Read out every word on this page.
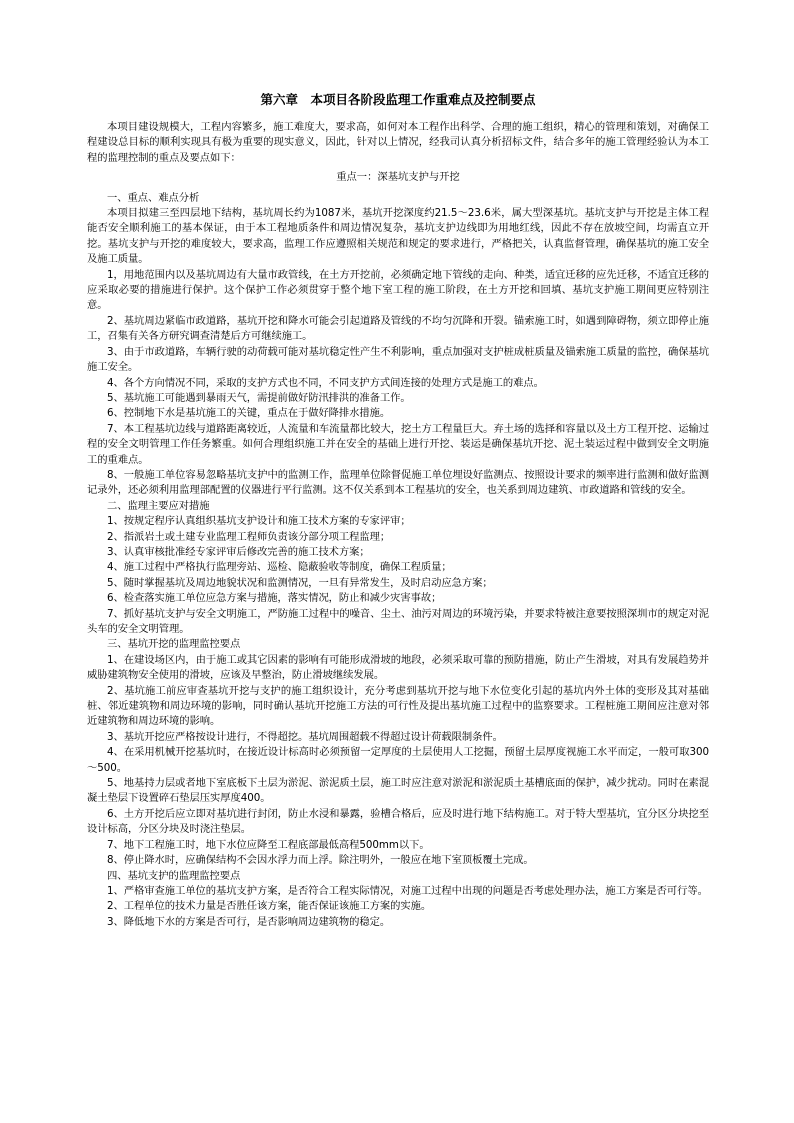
第六章　本项目各阶段监理工作重难点及控制要点

本项目建设规模大，工程内容繁多，施工难度大，要求高，如何对本工程作出科学、合理的施工组织，精心的管理和策划，对确保工程建设总目标的顺利实现具有极为重要的现实意义，因此，针对以上情况，经我司认真分析招标文件，结合多年的施工管理经验认为本工程的监理控制的重点及要点如下：

重点一：深基坑支护与开挖

一、重点、难点分析

本项目拟建三至四层地下结构，基坑周长约为1087米，基坑开挖深度约21.5～23.6米，属大型深基坑。基坑支护与开挖是主体工程能否安全顺利施工的基本保证，由于本工程地质条件和周边情况复杂，基坑支护边线即为用地红线，因此不存在放坡空间，均需直立开挖。基坑支护与开挖的难度较大，要求高，监理工作应遵照相关规范和规定的要求进行，严格把关，认真监督管理，确保基坑的施工安全及施工质量。

1，用地范围内以及基坑周边有大量市政管线，在土方开挖前，必须确定地下管线的走向、种类，适宜迁移的应先迁移，不适宜迁移的应采取必要的措施进行保护。这个保护工作必须贯穿于整个地下室工程的施工阶段，在土方开挖和回填、基坑支护施工期间更应特别注意。

2、基坑周边紧临市政道路，基坑开挖和降水可能会引起道路及管线的不均匀沉降和开裂。锚索施工时，如遇到障碍物，须立即停止施工，召集有关各方研究调查清楚后方可继续施工。

3、由于市政道路，车辆行驶的动荷载可能对基坑稳定性产生不利影响，重点加强对支护桩成桩质量及锚索施工质量的监控，确保基坑施工安全。

4、各个方向情况不同，采取的支护方式也不同，不同支护方式间连接的处理方式是施工的难点。

5、基坑施工可能遇到暴雨天气，需提前做好防汛排洪的准备工作。

6、控制地下水是基坑施工的关键，重点在于做好降排水措施。

7、本工程基坑边线与道路距离较近，人流量和车流量都比较大，挖土方工程量巨大。弃土场的选择和容量以及土方工程开挖、运输过程的安全文明管理工作任务繁重。如何合理组织施工并在安全的基础上进行开挖、装运是确保基坑开挖、泥土装运过程中做到安全文明施工的重难点。

8、一般施工单位容易忽略基坑支护中的监测工作，监理单位除督促施工单位埋设好监测点、按照设计要求的频率进行监测和做好监测记录外，还必须利用监理部配置的仪器进行平行监测。这不仅关系到本工程基坑的安全，也关系到周边建筑、市政道路和管线的安全。

二、监理主要应对措施

1、按规定程序认真组织基坑支护设计和施工技术方案的专家评审；

2、指派岩土或土建专业监理工程师负责该分部分项工程监理；

3、认真审核批准经专家评审后修改完善的施工技术方案；

4、施工过程中严格执行监理旁站、巡检、隐蔽验收等制度，确保工程质量；

5、随时掌握基坑及周边地貌状况和监测情况，一旦有异常发生，及时启动应急方案；

6、检查落实施工单位应急方案与措施，落实情况，防止和减少灾害事故；

7、抓好基坑支护与安全文明施工，严防施工过程中的噪音、尘土、油污对周边的环境污染，并要求特被注意要按照深圳市的规定对泥头车的安全文明管理。

三、基坑开挖的监理监控要点

1、在建设场区内，由于施工或其它因素的影响有可能形成滑坡的地段，必须采取可靠的预防措施，防止产生滑坡，对具有发展趋势并威胁建筑物安全使用的滑坡，应该及早整治，防止滑坡继续发展。

2、基坑施工前应审查基坑开挖与支护的施工组织设计，充分考虑到基坑开挖与地下水位变化引起的基坑内外土体的变形及其对基础桩、邻近建筑物和周边环境的影响，同时确认基坑开挖施工方法的可行性及提出基坑施工过程中的监察要求。工程桩施工期间应注意对邻近建筑物和周边环境的影响。

3、基坑开挖应严格按设计进行，不得超挖。基坑周围超载不得超过设计荷载限制条件。

4、在采用机械开挖基坑时，在接近设计标高时必须预留一定厚度的土层使用人工挖掘，预留土层厚度视施工水平而定，一般可取300～500。

5、地基持力层或者地下室底板下土层为淤泥、淤泥质土层，施工时应注意对淤泥和淤泥质土基槽底面的保护，减少扰动。同时在素混凝土垫层下设置碎石垫层压实厚度400。

6、土方开挖后应立即对基坑进行封闭，防止水浸和暴露，验槽合格后，应及时进行地下结构施工。对于特大型基坑，宜分区分块挖至设计标高，分区分块及时浇注垫层。

7、地下工程施工时，地下水位应降至工程底部最低高程500mm以下。

8、停止降水时，应确保结构不会因水浮力而上浮。除注明外，一般应在地下室顶板覆土完成。

四、基坑支护的监理监控要点

1、严格审查施工单位的基坑支护方案，是否符合工程实际情况，对施工过程中出现的问题是否考虑处理办法，施工方案是否可行等。

2、工程单位的技术力量是否胜任该方案，能否保证该施工方案的实施。

3、降低地下水的方案是否可行，是否影响周边建筑物的稳定。
